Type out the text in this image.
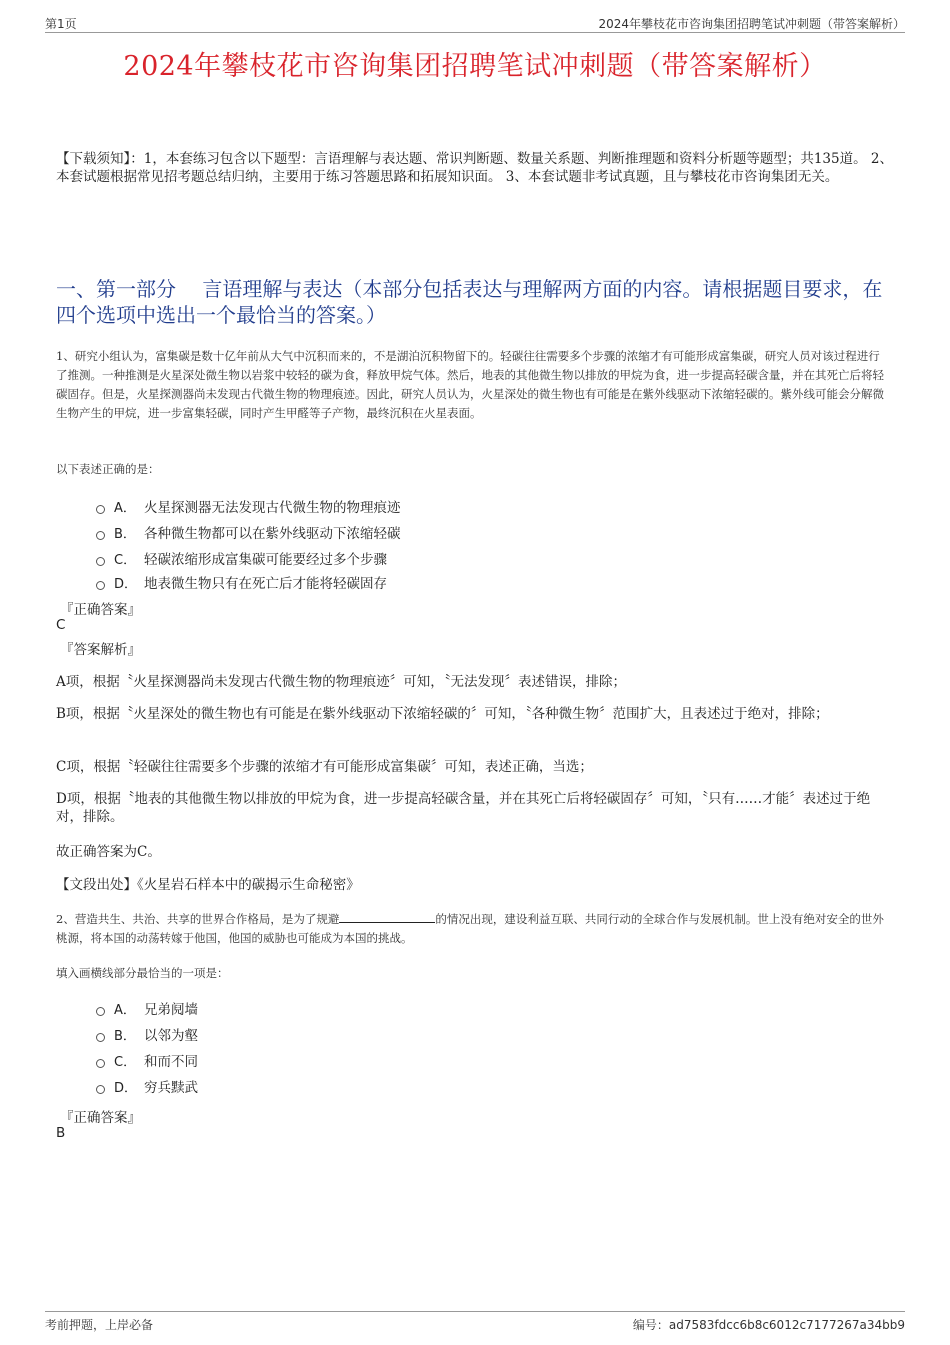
第1页	2024年攀枝花市咨询集团招聘笔试冲刺题（带答案解析）
2024年攀枝花市咨询集团招聘笔试冲刺题（带答案解析）
【下载须知】：1，本套练习包含以下题型：言语理解与表达题、常识判断题、数量关系题、判断推理题和资料分析题等题型；共135道。 2、本套试题根据常见招考题总结归纳，主要用于练习答题思路和拓展知识面。 3、本套试题非考试真题，且与攀枝花市咨询集团无关。
一、第一部分　 言语理解与表达（本部分包括表达与理解两方面的内容。请根据题目要求，在四个选项中选出一个最恰当的答案。）
1、研究小组认为，富集碳是数十亿年前从大气中沉积而来的，不是湖泊沉积物留下的。轻碳往往需要多个步骤的浓缩才有可能形成富集碳，研究人员对该过程进行了推测。一种推测是火星深处微生物以岩浆中较轻的碳为食，释放甲烷气体。然后，地表的其他微生物以排放的甲烷为食，进一步提高轻碳含量，并在其死亡后将轻碳固存。但是，火星探测器尚未发现古代微生物的物理痕迹。因此，研究人员认为，火星深处的微生物也有可能是在紫外线驱动下浓缩轻碳的。紫外线可能会分解微生物产生的甲烷，进一步富集轻碳，同时产生甲醛等子产物，最终沉积在火星表面。
以下表述正确的是：
A． 火星探测器无法发现古代微生物的物理痕迹
B． 各种微生物都可以在紫外线驱动下浓缩轻碳
C． 轻碳浓缩形成富集碳可能要经过多个步骤
D． 地表微生物只有在死亡后才能将轻碳固存
『正确答案』
C
『答案解析』
A项，根据〝火星探测器尚未发现古代微生物的物理痕迹〞可知，〝无法发现〞表述错误，排除；
B项，根据〝火星深处的微生物也有可能是在紫外线驱动下浓缩轻碳的〞可知，〝各种微生物〞范围扩大，且表述过于绝对，排除；
C项，根据〝轻碳往往需要多个步骤的浓缩才有可能形成富集碳〞可知，表述正确，当选；
D项，根据〝地表的其他微生物以排放的甲烷为食，进一步提高轻碳含量，并在其死亡后将轻碳固存〞可知，〝只有……才能〞表述过于绝对，排除。
故正确答案为C。
【文段出处】《火星岩石样本中的碳揭示生命秘密》
2、营造共生、共治、共享的世界合作格局，是为了规避	的情况出现，建设利益互联、共同行动的全球合作与发展机制。世上没有绝对安全的世外桃源，将本国的动荡转嫁于他国，他国的威胁也可能成为本国的挑战。
填入画横线部分最恰当的一项是：
A． 兄弟阋墙
B． 以邻为壑
C． 和而不同
D． 穷兵黩武
『正确答案』
B
考前押题，上岸必备	编号：ad7583fdcc6b8c6012c7177267a34bb9
